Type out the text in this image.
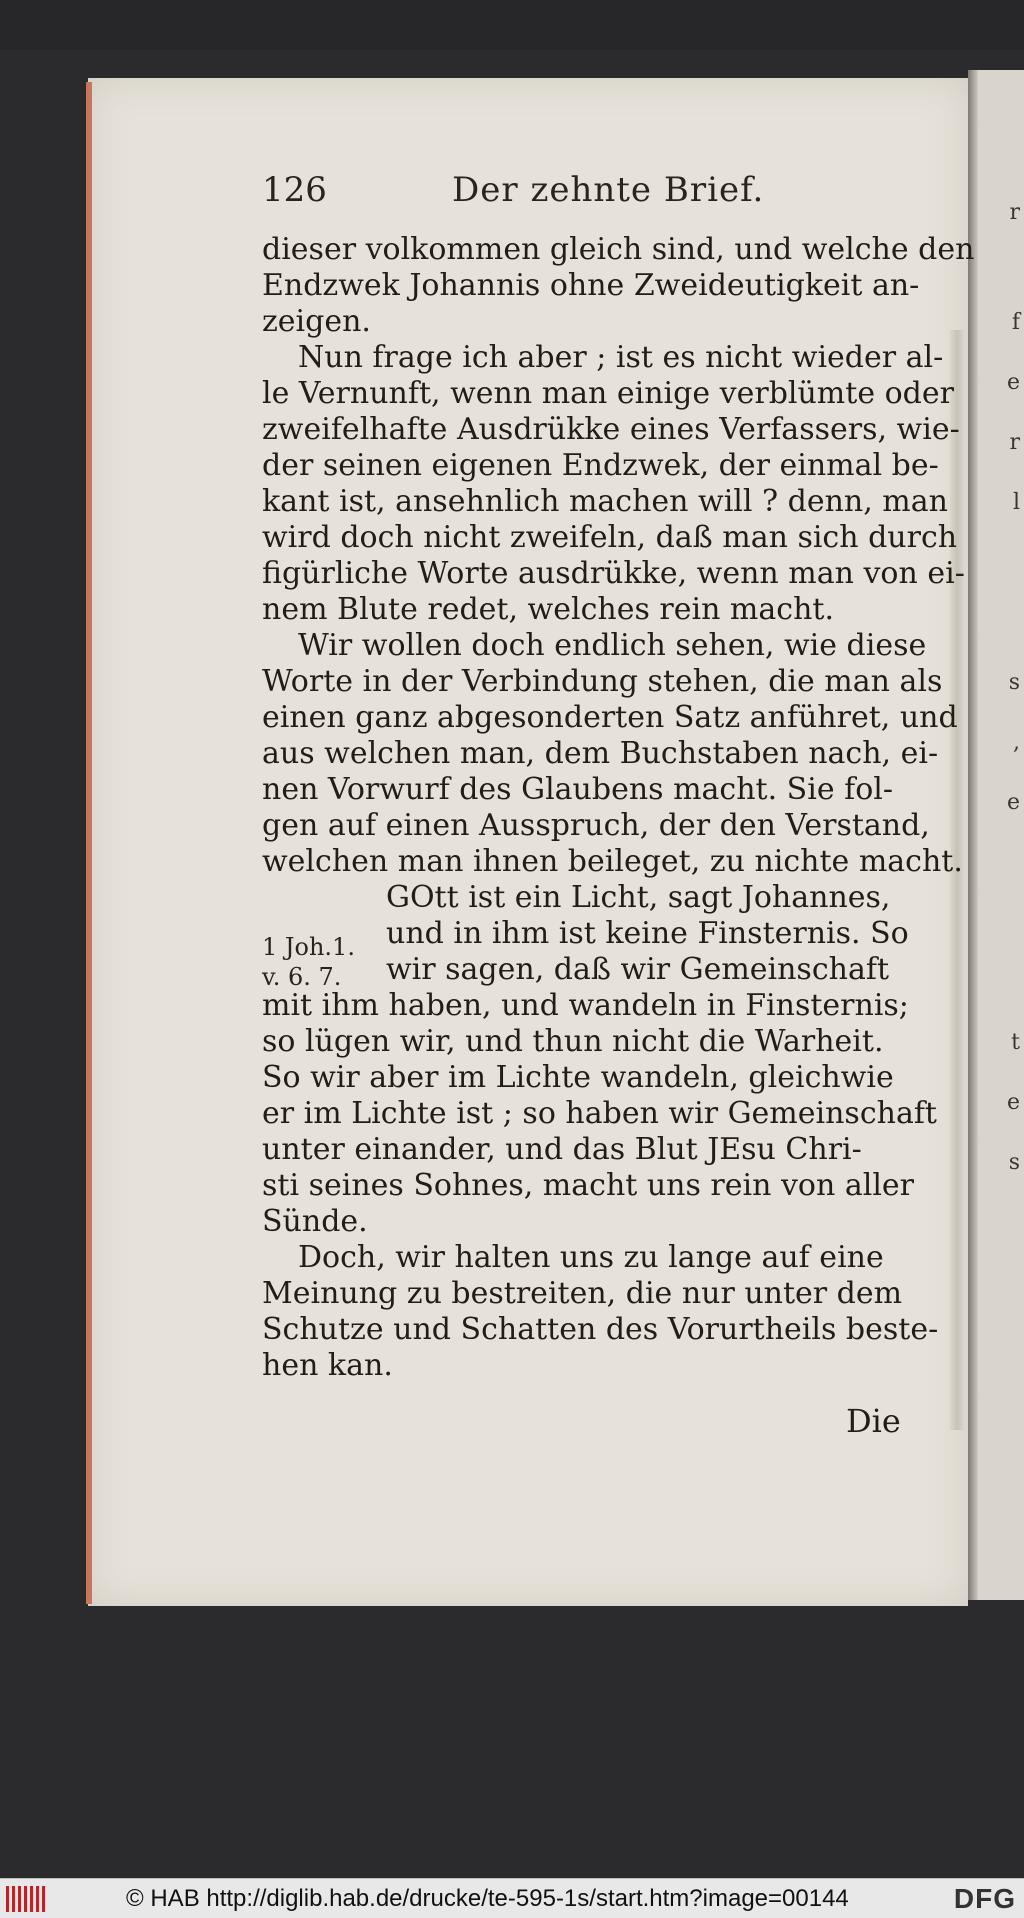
r
f
e
r
l
s
,
e
t
e
s
126	Der zehnte Brief.
dieser volkommen gleich sind, und welche den
Endzwek Johannis ohne Zweideutigkeit an-
zeigen.
Nun frage ich aber ; ist es nicht wieder al-
le Vernunft, wenn man einige verblümte oder
zweifelhafte Ausdrükke eines Verfassers, wie-
der seinen eigenen Endzwek, der einmal be-
kant ist, ansehnlich machen will ? denn, man
wird doch nicht zweifeln, daß man sich durch
figürliche Worte ausdrükke, wenn man von ei-
nem Blute redet, welches rein macht.
Wir wollen doch endlich sehen, wie diese
Worte in der Verbindung stehen, die man als
einen ganz abgesonderten Satz anführet, und
aus welchen man, dem Buchstaben nach, ei-
nen Vorwurf des Glaubens macht. Sie fol-
gen auf einen Ausspruch, der den Verstand,
welchen man ihnen beileget, zu nichte macht.
GOtt ist ein Licht, sagt Johannes,
und in ihm ist keine Finsternis. So
wir sagen, daß wir Gemeinschaft
mit ihm haben, und wandeln in Finsternis;
so lügen wir, und thun nicht die Warheit.
So wir aber im Lichte wandeln, gleichwie
er im Lichte ist ; so haben wir Gemeinschaft
unter einander, und das Blut JEsu Chri-
sti seines Sohnes, macht uns rein von aller
Sünde.
Doch, wir halten uns zu lange auf eine
Meinung zu bestreiten, die nur unter dem
Schutze und Schatten des Vorurtheils beste-
hen kan.
1 Joh.1.
v. 6. 7.
Die
© HAB http://diglib.hab.de/drucke/te-595-1s/start.htm?image=00144	DFG
